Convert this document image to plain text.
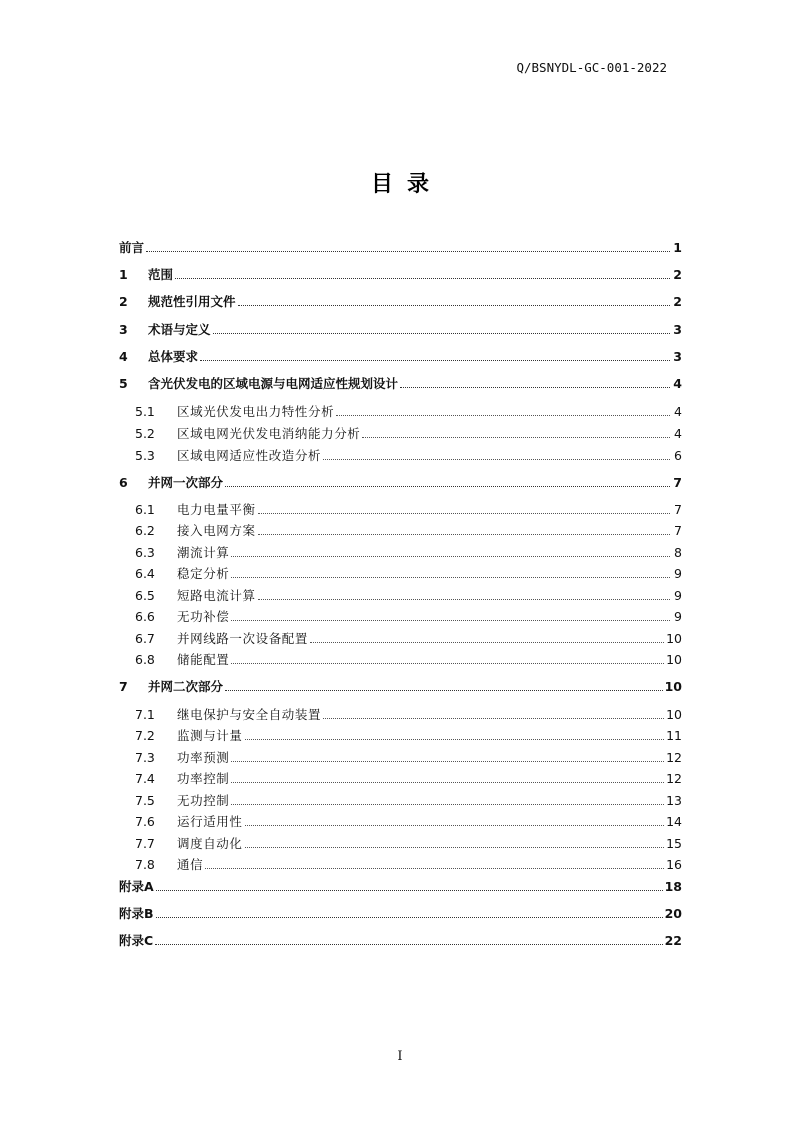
Q/BSNYDL-GC-001-2022
目录
前言	1
1	范围	2
2	规范性引用文件	2
3	术语与定义	3
4	总体要求	3
5	含光伏发电的区域电源与电网适应性规划设计	4
5.1	区域光伏发电出力特性分析	4
5.2	区域电网光伏发电消纳能力分析	4
5.3	区域电网适应性改造分析	6
6	并网一次部分	7
6.1	电力电量平衡	7
6.2	接入电网方案	7
6.3	潮流计算	8
6.4	稳定分析	9
6.5	短路电流计算	9
6.6	无功补偿	9
6.7	并网线路一次设备配置	10
6.8	储能配置	10
7	并网二次部分	10
7.1	继电保护与安全自动装置	10
7.2	监测与计量	11
7.3	功率预测	12
7.4	功率控制	12
7.5	无功控制	13
7.6	运行适用性	14
7.7	调度自动化	15
7.8	通信	16
附录A	18
附录B	20
附录C	22
I
